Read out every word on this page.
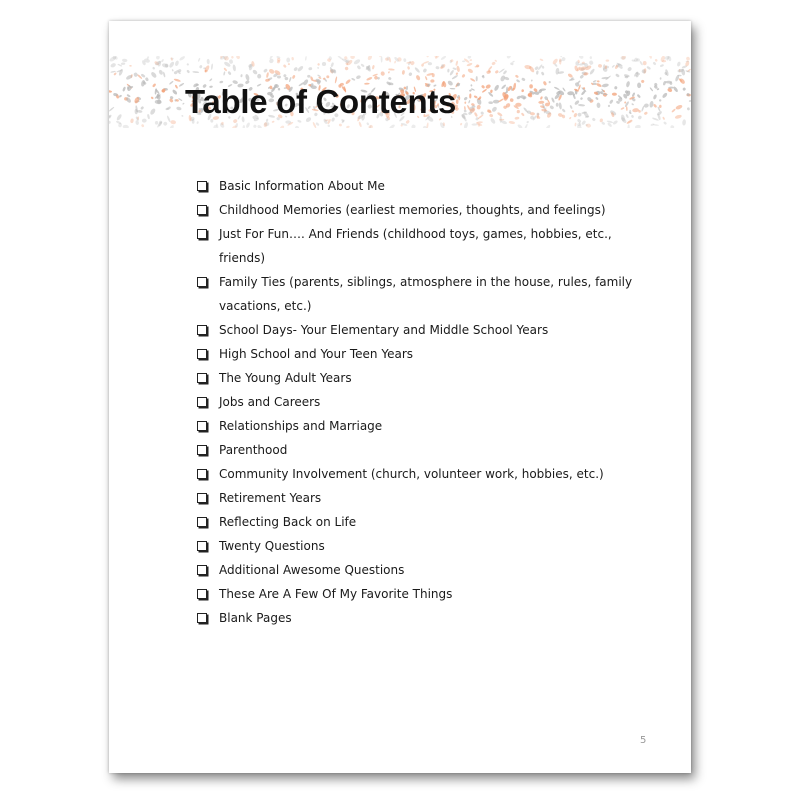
Table of Contents
Basic Information About Me
Childhood Memories (earliest memories, thoughts, and feelings)
Just For Fun…. And Friends (childhood toys, games, hobbies, etc., friends)
Family Ties (parents, siblings, atmosphere in the house, rules, family vacations, etc.)
School Days- Your Elementary and Middle School Years
High School and Your Teen Years
The Young Adult Years
Jobs and Careers
Relationships and Marriage
Parenthood
Community Involvement (church, volunteer work, hobbies, etc.)
Retirement Years
Reflecting Back on Life
Twenty Questions
Additional Awesome Questions
These Are A Few Of My Favorite Things
Blank Pages
5
